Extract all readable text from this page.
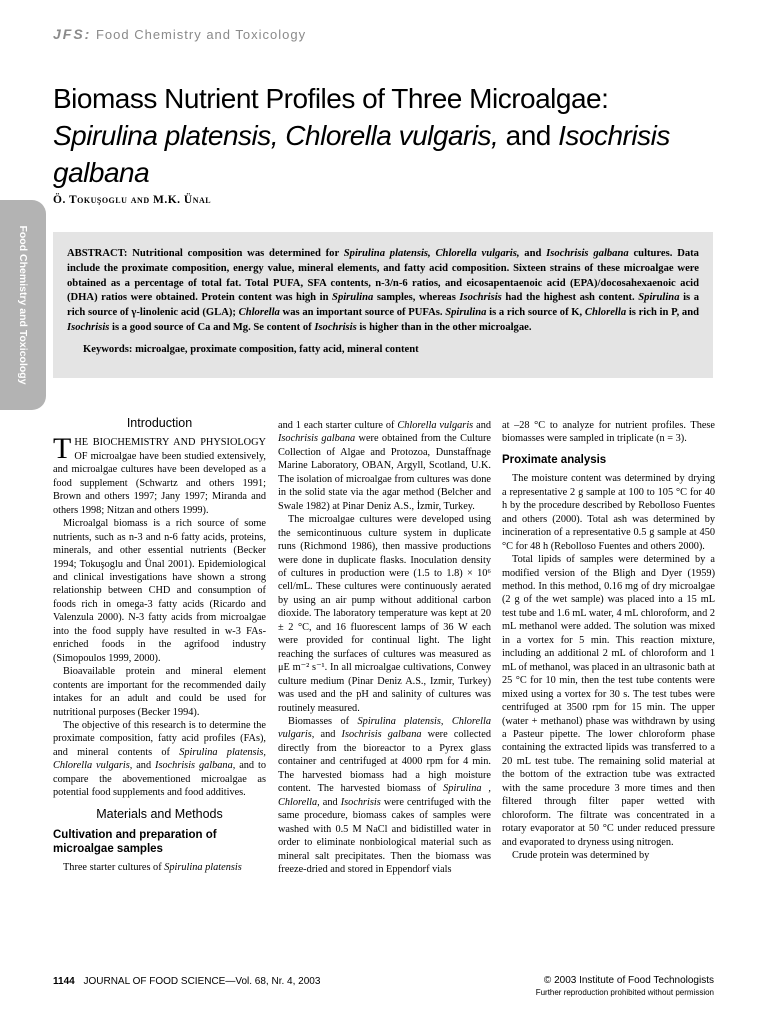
JFS: Food Chemistry and Toxicology
Biomass Nutrient Profiles of Three Microalgae: Spirulina platensis, Chlorella vulgaris, and Isochrisis galbana
Ö. Tokuşoglu and M.K. Ünal
Food Chemistry and Toxicology	ABSTRACT: Nutritional composition was determined for Spirulina platensis, Chlorella vulgaris, and Isochrisis galbana cultures. Data include the proximate composition, energy value, mineral elements, and fatty acid composition. Sixteen strains of these microalgae were obtained as a percentage of total fat. Total PUFA, SFA contents, n-3/n-6 ratios, and eicosapentaenoic acid (EPA)/docosahexaenoic acid (DHA) ratios were obtained. Protein content was high in Spirulina samples, whereas Isochrisis had the highest ash content. Spirulina is a rich source of γ-linolenic acid (GLA); Chlorella was an important source of PUFAs. Spirulina is a rich source of K, Chlorella is rich in P, and Isochrisis is a good source of Ca and Mg. Se content of Isochrisis is higher than in the other microalgae.

Keywords: microalgae, proximate composition, fatty acid, mineral content
Introduction

THE BIOCHEMISTRY AND PHYSIOLOGY OF microalgae have been studied extensively, and microalgae cultures have been developed as a food supplement (Schwartz and others 1991; Brown and others 1997; Jany 1997; Miranda and others 1998; Nitzan and others 1999).

Microalgal biomass is a rich source of some nutrients, such as n-3 and n-6 fatty acids, proteins, minerals, and other essential nutrients (Becker 1994; Tokuşoglu and Ünal 2001). Epidemiological and clinical investigations have shown a strong relationship between CHD and consumption of foods rich in omega-3 fatty acids (Ricardo and Valenzula 2000). N-3 fatty acids from microalgae into the food supply have resulted in w-3 FAs- enriched foods in the agrifood industry (Simopoulos 1999, 2000).

Bioavailable protein and mineral element contents are important for the recommended daily intakes for an adult and could be used for nutritional purposes (Becker 1994).

The objective of this research is to determine the proximate composition, fatty acid profiles (FAs), and mineral contents of Spirulina platensis, Chlorella vulgaris, and Isochrisis galbana, and to compare the abovementioned microalgae as potential food supplements and food additives.

Materials and Methods
Cultivation and preparation of microalgae samples

Three starter cultures of Spirulina platensis

and 1 each starter culture of Chlorella vulgaris and Isochrisis galbana were obtained from the Culture Collection of Algae and Protozoa, Dunstaffnage Marine Laboratory, OBAN, Argyll, Scotland, U.K. The isolation of microalgae from cultures was done in the solid state via the agar method (Belcher and Swale 1982) at Pinar Deniz A.S., İzmir, Turkey.

The microalgae cultures were developed using the semicontinuous culture system in duplicate runs (Richmond 1986), then massive productions were done in duplicate flasks. Inoculation density of cultures in production were (1.5 to 1.8) × 10⁶ cell/mL. These cultures were continuously aerated by using an air pump without additional carbon dioxide. The laboratory temperature was kept at 20 ± 2 °C, and 16 fluorescent lamps of 36 W each were provided for continual light. The light reaching the surfaces of cultures was measured as μE m⁻² s⁻¹. In all microalgae cultivations, Conwey culture medium (Pinar Deniz A.S., Izmir, Turkey) was used and the pH and salinity of cultures was routinely measured.

Biomasses of Spirulina platensis, Chlorella vulgaris, and Isochrisis galbana were collected directly from the bioreactor to a Pyrex glass container and centrifuged at 4000 rpm for 4 min. The harvested biomass had a high moisture content. The harvested biomass of Spirulina , Chlorella, and Isochrisis were centrifuged with the same procedure, biomass cakes of samples were washed with 0.5 M NaCl and bidistilled water in order to eliminate nonbiological material such as mineral salt precipitates. Then the biomass was freeze-dried and stored in Eppendorf vials

at –28 °C to analyze for nutrient profiles. These biomasses were sampled in triplicate (n = 3).

Proximate analysis

The moisture content was determined by drying a representative 2 g sample at 100 to 105 °C for 40 h by the procedure described by Rebolloso Fuentes and others (2000). Total ash was determined by incineration of a representative 0.5 g sample at 450 °C for 48 h (Rebolloso Fuentes and others 2000).

Total lipids of samples were determined by a modified version of the Bligh and Dyer (1959) method. In this method, 0.16 mg of dry microalgae (2 g of the wet sample) was placed into a 15 mL test tube and 1.6 mL water, 4 mL chloroform, and 2 mL methanol were added. The solution was mixed in a vortex for 5 min. This reaction mixture, including an additional 2 mL of chloroform and 1 mL of methanol, was placed in an ultrasonic bath at 25 °C for 10 min, then the test tube contents were mixed using a vortex for 30 s. The test tubes were centrifuged at 3500 rpm for 15 min. The upper (water + methanol) phase was withdrawn by using a Pasteur pipette. The lower chloroform phase containing the extracted lipids was transferred to a 20 mL test tube. The remaining solid material at the bottom of the extraction tube was extracted with the same procedure 3 more times and then filtered through filter paper wetted with chloroform. The filtrate was concentrated in a rotary evaporator at 50 °C under reduced pressure and evaporated to dryness using nitrogen.

Crude protein was determined by

1144 JOURNAL OF FOOD SCIENCE—Vol. 68, Nr. 4, 2003	© 2003 Institute of Food Technologists
Further reproduction prohibited without permission
